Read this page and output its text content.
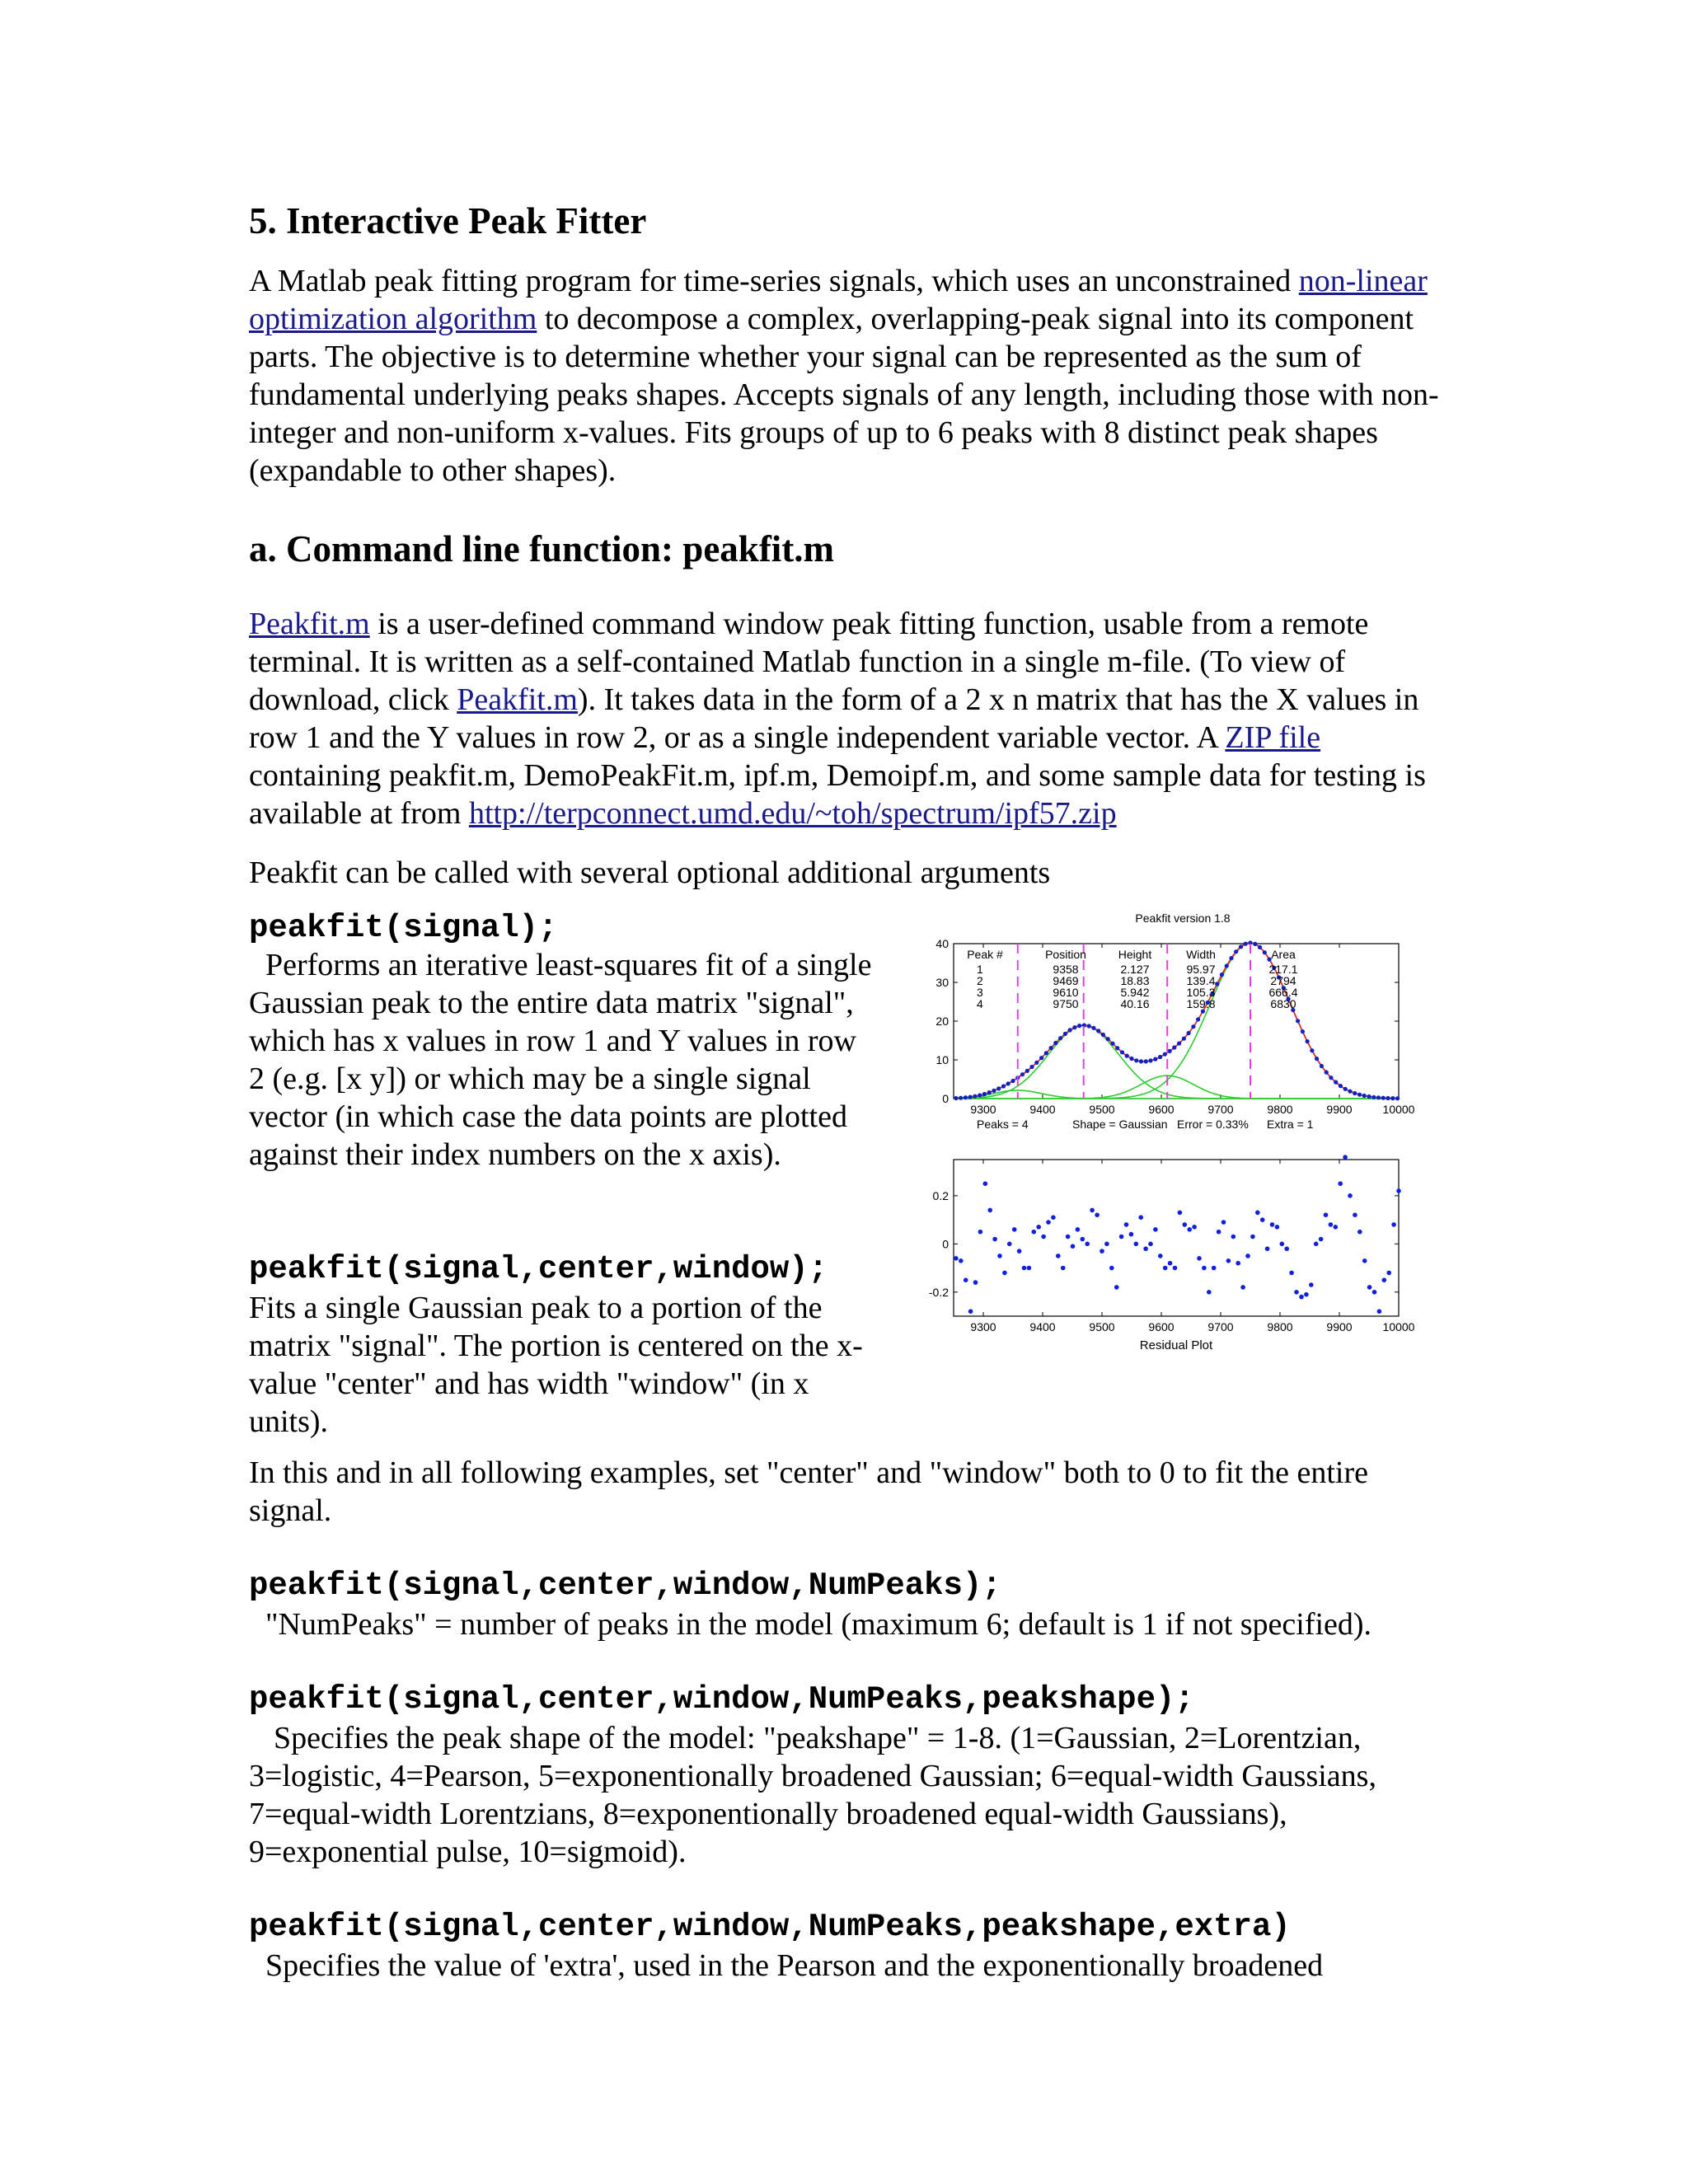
5. Interactive Peak Fitter

A Matlab peak fitting program for time-series signals, which uses an unconstrained non-linear optimization algorithm to decompose a complex, overlapping-peak signal into its component parts. The objective is to determine whether your signal can be represented as the sum of fundamental underlying peaks shapes. Accepts signals of any length, including those with non-integer and non-uniform x-values. Fits groups of up to 6 peaks with 8 distinct peak shapes (expandable to other shapes).

a. Command line function: peakfit.m

Peakfit.m is a user-defined command window peak fitting function, usable from a remote terminal. It is written as a self-contained Matlab function in a single m-file. (To view of download, click Peakfit.m). It takes data in the form of a 2 x n matrix that has the X values in row 1 and the Y values in row 2, or as a single independent variable vector. A ZIP file containing peakfit.m, DemoPeakFit.m, ipf.m, Demoipf.m, and some sample data for testing is available at from http://terpconnect.umd.edu/~toh/spectrum/ipf57.zip

Peakfit can be called with several optional additional arguments

peakfit(signal);

Performs an iterative least-squares fit of a single Gaussian peak to the entire data matrix "signal", which has x values in row 1 and Y values in row 2 (e.g. [x y]) or which may be a single signal vector (in which case the data points are plotted against their index numbers on the x axis).

peakfit(signal,center,window);

Fits a single Gaussian peak to a portion of the matrix "signal". The portion is centered on the x-value "center" and has width "window" (in x units).

In this and in all following examples, set "center" and "window" both to 0 to fit the entire signal.

peakfit(signal,center,window,NumPeaks);

"NumPeaks" = number of peaks in the model (maximum 6; default is 1 if not specified).

peakfit(signal,center,window,NumPeaks,peakshape);

Specifies the peak shape of the model: "peakshape" = 1-8. (1=Gaussian, 2=Lorentzian, 3=logistic, 4=Pearson, 5=exponentionally broadened Gaussian; 6=equal-width Gaussians, 7=equal-width Lorentzians, 8=exponentionally broadened equal-width Gaussians), 9=exponential pulse, 10=sigmoid).

peakfit(signal,center,window,NumPeaks,peakshape,extra)

Specifies the value of 'extra', used in the Pearson and the exponentionally broadened

Peakfit version 1.8
0
10
20
30
40
9300	9400	9500	9600	9700	9800	9900	10000
Peak #	Position	Height	Width	Area
1	9358	2.127	95.97	217.1
2	9469	18.83	139.4	2794
3	9610	5.942	105.3	666.4
4	9750	40.16	159.8	6830
Peaks = 4	Shape = Gaussian Error = 0.33% Extra = 1
0.2
0
-0.2
9300	9400	9500	9600	9700	9800	9900	10000
Residual Plot
